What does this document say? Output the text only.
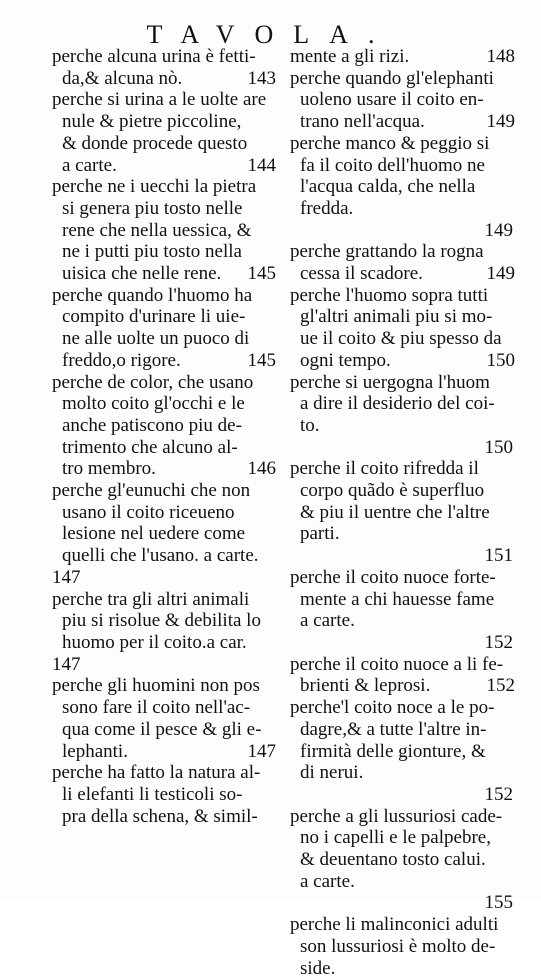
TAVOLA.
perche alcuna urina è fetti-
da,& alcuna nò.	143
perche si urina a le uolte are
nule & pietre piccoline,
& donde procede questo
a carte.	144
perche ne i uecchi la pietra
si genera piu tosto nelle
rene che nella uessica, &
ne i putti piu tosto nella
uisica che nelle rene.	145
perche quando l'huomo ha
compito d'urinare li uie-
ne alle uolte un puoco di
freddo,o rigore.	145
perche de color, che usano
molto coito gl'occhi e le
anche patiscono piu de-
trimento che alcuno al-
tro membro.	146
perche gl'eunuchi che non
usano il coito riceueno
lesione nel uedere come
quelli che l'usano. a carte.
147
perche tra gli altri animali
piu si risolue & debilita lo
huomo per il coito.a car.
147
perche gli huomini non pos
sono fare il coito nell'ac-
qua come il pesce & gli e-
lephanti.	147
perche ha fatto la natura al-
li elefanti li testicoli so-
pra della schena, & simil-
mente a gli rizi.	148
perche quando gl'elephanti
uoleno usare il coito en-
trano nell'acqua.	149
perche manco & peggio si
fa il coito dell'huomo ne
l'acqua calda, che nella
fredda.
149
perche grattando la rogna
cessa il scadore.	149
perche l'huomo sopra tutti
gl'altri animali piu si mo-
ue il coito & piu spesso da
ogni tempo.	150
perche si uergogna l'huom
a dire il desiderio del coi-
to.
150
perche il coito rifredda il
corpo quãdo è superfluo
& piu il uentre che l'altre
parti.
151
perche il coito nuoce forte-
mente a chi hauesse fame
a carte.
152
perche il coito nuoce a li fe-
brienti & leprosi.	152
perche'l coito noce a le po-
dagre,& a tutte l'altre in-
firmità delle gionture, &
di nerui.
152
perche a gli lussuriosi cade-
no i capelli e le palpebre,
& deuentano tosto calui.
a carte.
155
perche li malinconici adulti
son lussuriosi è molto de-
side.
